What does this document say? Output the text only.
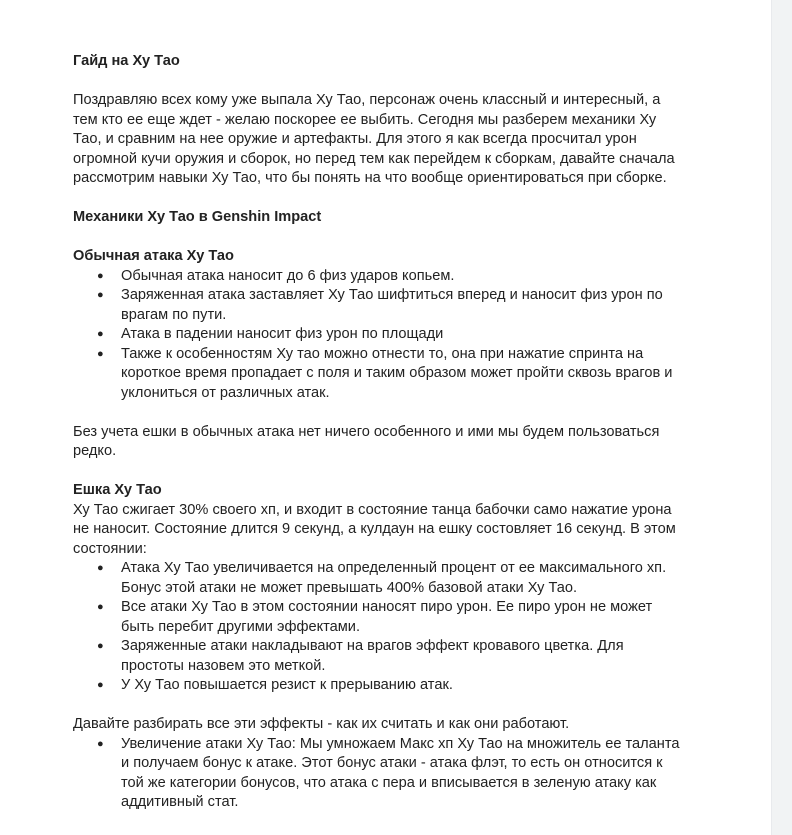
Гайд на Ху Тао

Поздравляю всех кому уже выпала Ху Тао, персонаж очень классный и интересный, а тем кто ее еще ждет - желаю поскорее ее выбить. Сегодня мы разберем механики Ху Тао, и сравним на нее оружие и артефакты. Для этого я как всегда просчитал урон огромной кучи оружия и сборок, но перед тем как перейдем к сборкам, давайте сначала рассмотрим навыки Ху Тао, что бы понять на что вообще ориентироваться при сборке.

Механики Ху Тао в Genshin Impact

Обычная атака Ху Тао

● Обычная атака наносит до 6 физ ударов копьем.
● Заряженная атака заставляет Ху Тао шифтиться вперед и наносит физ урон по врагам по пути.
● Атака в падении наносит физ урон по площади
● Также к особенностям Ху тао можно отнести то, она при нажатие спринта на короткое время пропадает с поля и таким образом может пройти сквозь врагов и уклониться от различных атак.

Без учета ешки в обычных атака нет ничего особенного и ими мы будем пользоваться редко.

Ешка Ху Тао

Ху Тао сжигает 30% своего хп, и входит в состояние танца бабочки само нажатие урона не наносит. Состояние длится 9 секунд, а кулдаун на ешку состовляет 16 секунд. В этом состоянии:

● Атака Ху Тао увеличивается на определенный процент от ее максимального хп. Бонус этой атаки не может превышать 400% базовой атаки Ху Тао.
● Все атаки Ху Тао в этом состоянии наносят пиро урон. Ее пиро урон не может быть перебит другими эффектами.
● Заряженные атаки накладывают на врагов эффект кровавого цветка. Для простоты назовем это меткой.
● У Ху Тао повышается резист к прерыванию атак.

Давайте разбирать все эти эффекты - как их считать и как они работают.

● Увеличение атаки Ху Тао: Мы умножаем Макс хп Ху Тао на множитель ее таланта и получаем бонус к атаке. Этот бонус атаки - атака флэт, то есть он относится к той же категории бонусов, что атака с пера и вписывается в зеленую атаку как аддитивный стат.
